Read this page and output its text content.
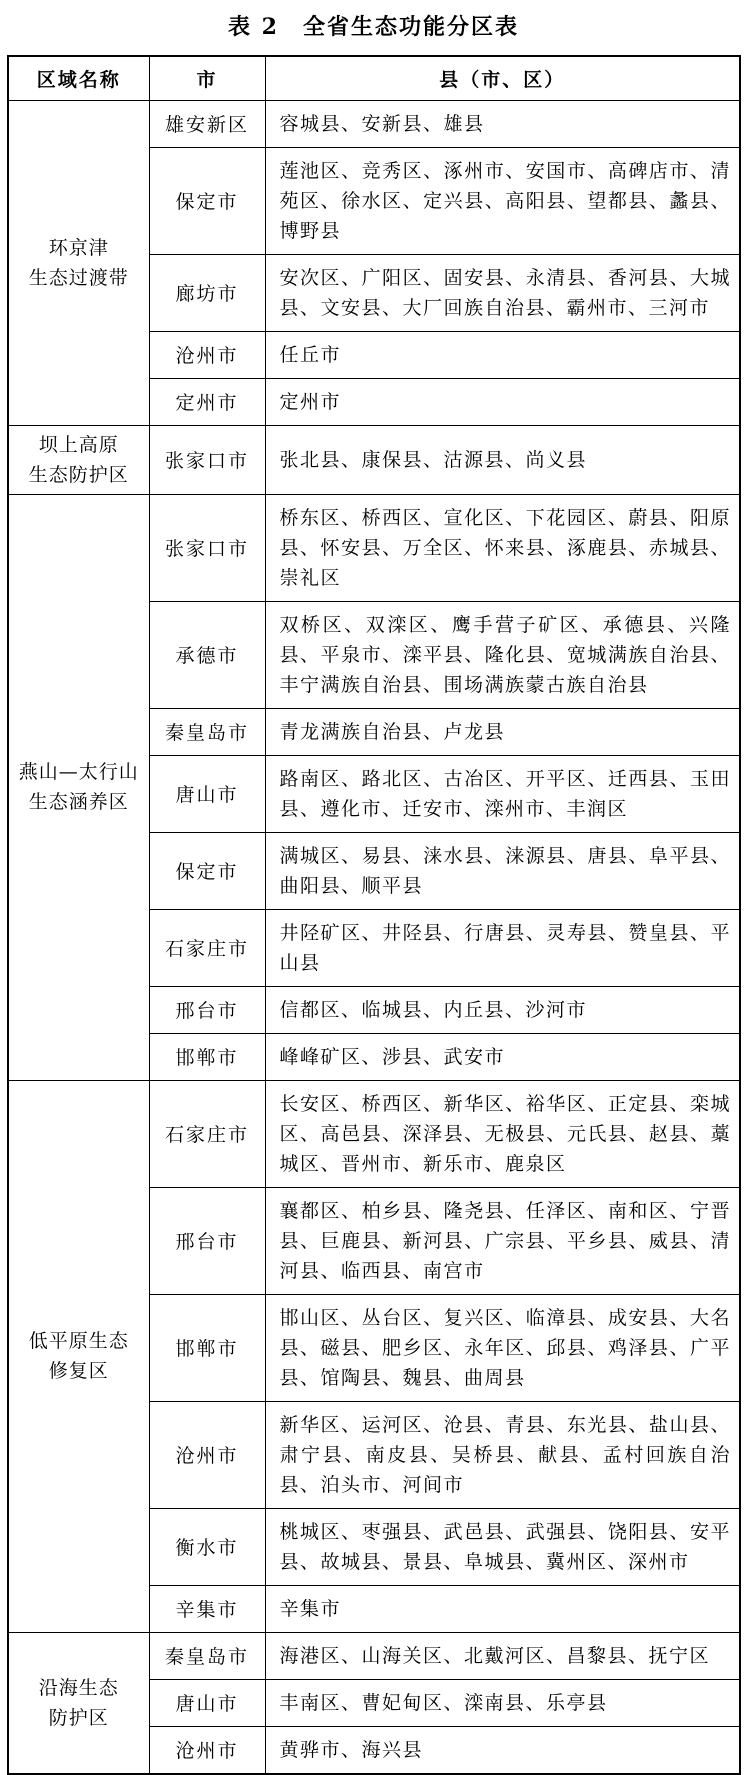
表 2　全省生态功能分区表
区域名称	市	县（市、区）

环京津
生态过渡带	雄安新区	容城县、安新县、雄县
	保定市	莲池区、竞秀区、涿州市、安国市、高碑店市、清苑区、徐水区、定兴县、高阳县、望都县、蠡县、博野县
	廊坊市	安次区、广阳区、固安县、永清县、香河县、大城县、文安县、大厂回族自治县、霸州市、三河市
	沧州市	任丘市
	定州市	定州市

坝上高原
生态防护区	张家口市	张北县、康保县、沽源县、尚义县

燕山—太行山
生态涵养区	张家口市	桥东区、桥西区、宣化区、下花园区、蔚县、阳原县、怀安县、万全区、怀来县、涿鹿县、赤城县、崇礼区
	承德市	双桥区、双滦区、鹰手营子矿区、承德县、兴隆县、平泉市、滦平县、隆化县、宽城满族自治县、丰宁满族自治县、围场满族蒙古族自治县
	秦皇岛市	青龙满族自治县、卢龙县
	唐山市	路南区、路北区、古冶区、开平区、迁西县、玉田县、遵化市、迁安市、滦州市、丰润区
	保定市	满城区、易县、涞水县、涞源县、唐县、阜平县、曲阳县、顺平县
	石家庄市	井陉矿区、井陉县、行唐县、灵寿县、赞皇县、平山县
	邢台市	信都区、临城县、内丘县、沙河市
	邯郸市	峰峰矿区、涉县、武安市

低平原生态
修复区	石家庄市	长安区、桥西区、新华区、裕华区、正定县、栾城区、高邑县、深泽县、无极县、元氏县、赵县、藁城区、晋州市、新乐市、鹿泉区
	邢台市	襄都区、柏乡县、隆尧县、任泽区、南和区、宁晋县、巨鹿县、新河县、广宗县、平乡县、威县、清河县、临西县、南宫市
	邯郸市	邯山区、丛台区、复兴区、临漳县、成安县、大名县、磁县、肥乡区、永年区、邱县、鸡泽县、广平县、馆陶县、魏县、曲周县
	沧州市	新华区、运河区、沧县、青县、东光县、盐山县、肃宁县、南皮县、吴桥县、献县、孟村回族自治县、泊头市、河间市
	衡水市	桃城区、枣强县、武邑县、武强县、饶阳县、安平县、故城县、景县、阜城县、冀州区、深州市
	辛集市	辛集市

沿海生态
防护区	秦皇岛市	海港区、山海关区、北戴河区、昌黎县、抚宁区
	唐山市	丰南区、曹妃甸区、滦南县、乐亭县
	沧州市	黄骅市、海兴县
